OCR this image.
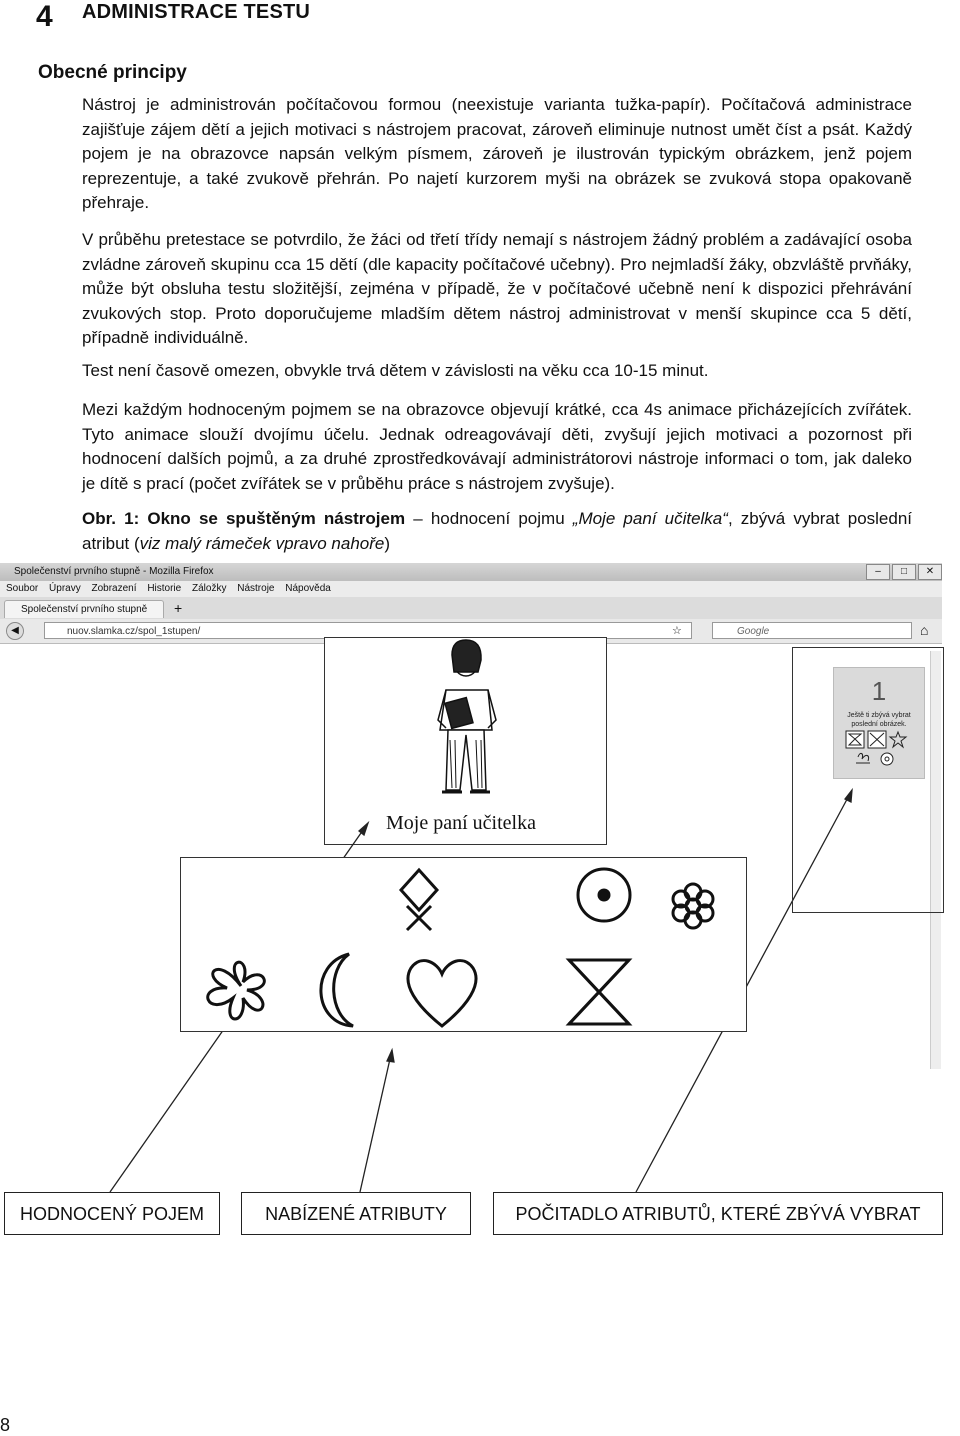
4 ADMINISTRACE TESTU
Obecné principy
Nástroj je administrován počítačovou formou (neexistuje varianta tužka-papír). Počítačová administrace zajišťuje zájem dětí a jejich motivaci s nástrojem pracovat, zároveň eliminuje nutnost umět číst a psát. Každý pojem je na obrazovce napsán velkým písmem, zároveň je ilustrován typickým obrázkem, jenž pojem reprezentuje, a také zvukově přehrán. Po najetí kurzorem myši na obrázek se zvuková stopa opakovaně přehraje.
V průběhu pretestace se potvrdilo, že žáci od třetí třídy nemají s nástrojem žádný problém a zadávající osoba zvládne zároveň skupinu cca 15 dětí (dle kapacity počítačové učebny). Pro nejmladší žáky, obzvláště prvňáky, může být obsluha testu složitější, zejména v případě, že v počítačové učebně není k dispozici přehrávání zvukových stop. Proto doporučujeme mladším dětem nástroj administrovat v menší skupince cca 5 dětí, případně individuálně.
Test není časově omezen, obvykle trvá dětem v závislosti na věku cca 10-15 minut.
Mezi každým hodnoceným pojmem se na obrazovce objevují krátké, cca 4s animace přicházejících zvířátek. Tyto animace slouží dvojímu účelu. Jednak odreagovávají děti, zvyšují jejich motivaci a pozornost při hodnocení dalších pojmů, a za druhé zprostředkovávají administrátorovi nástroje informaci o tom, jak daleko je dítě s prací (počet zvířátek se v průběhu práce s nástrojem zvyšuje).
Obr. 1: Okno se spuštěným nástrojem – hodnocení pojmu „Moje paní učitelka“, zbývá vybrat poslední atribut (viz malý rámeček vpravo nahoře)
Společenství prvního stupně - Mozilla Firefox	–	□	✕
Soubor Úpravy Zobrazení Historie Záložky Nástroje Nápověda
Společenství prvního stupně	+
◀	nuov.slamka.cz/spol_1stupen/	☆	Google	⌂
Moje paní učitelka
1
Ještě ti zbývá vybrat poslední obrázek.
HODNOCENÝ POJEM	NABÍZENÉ ATRIBUTY	POČITADLO ATRIBUTŮ, KTERÉ ZBÝVÁ VYBRAT
8
